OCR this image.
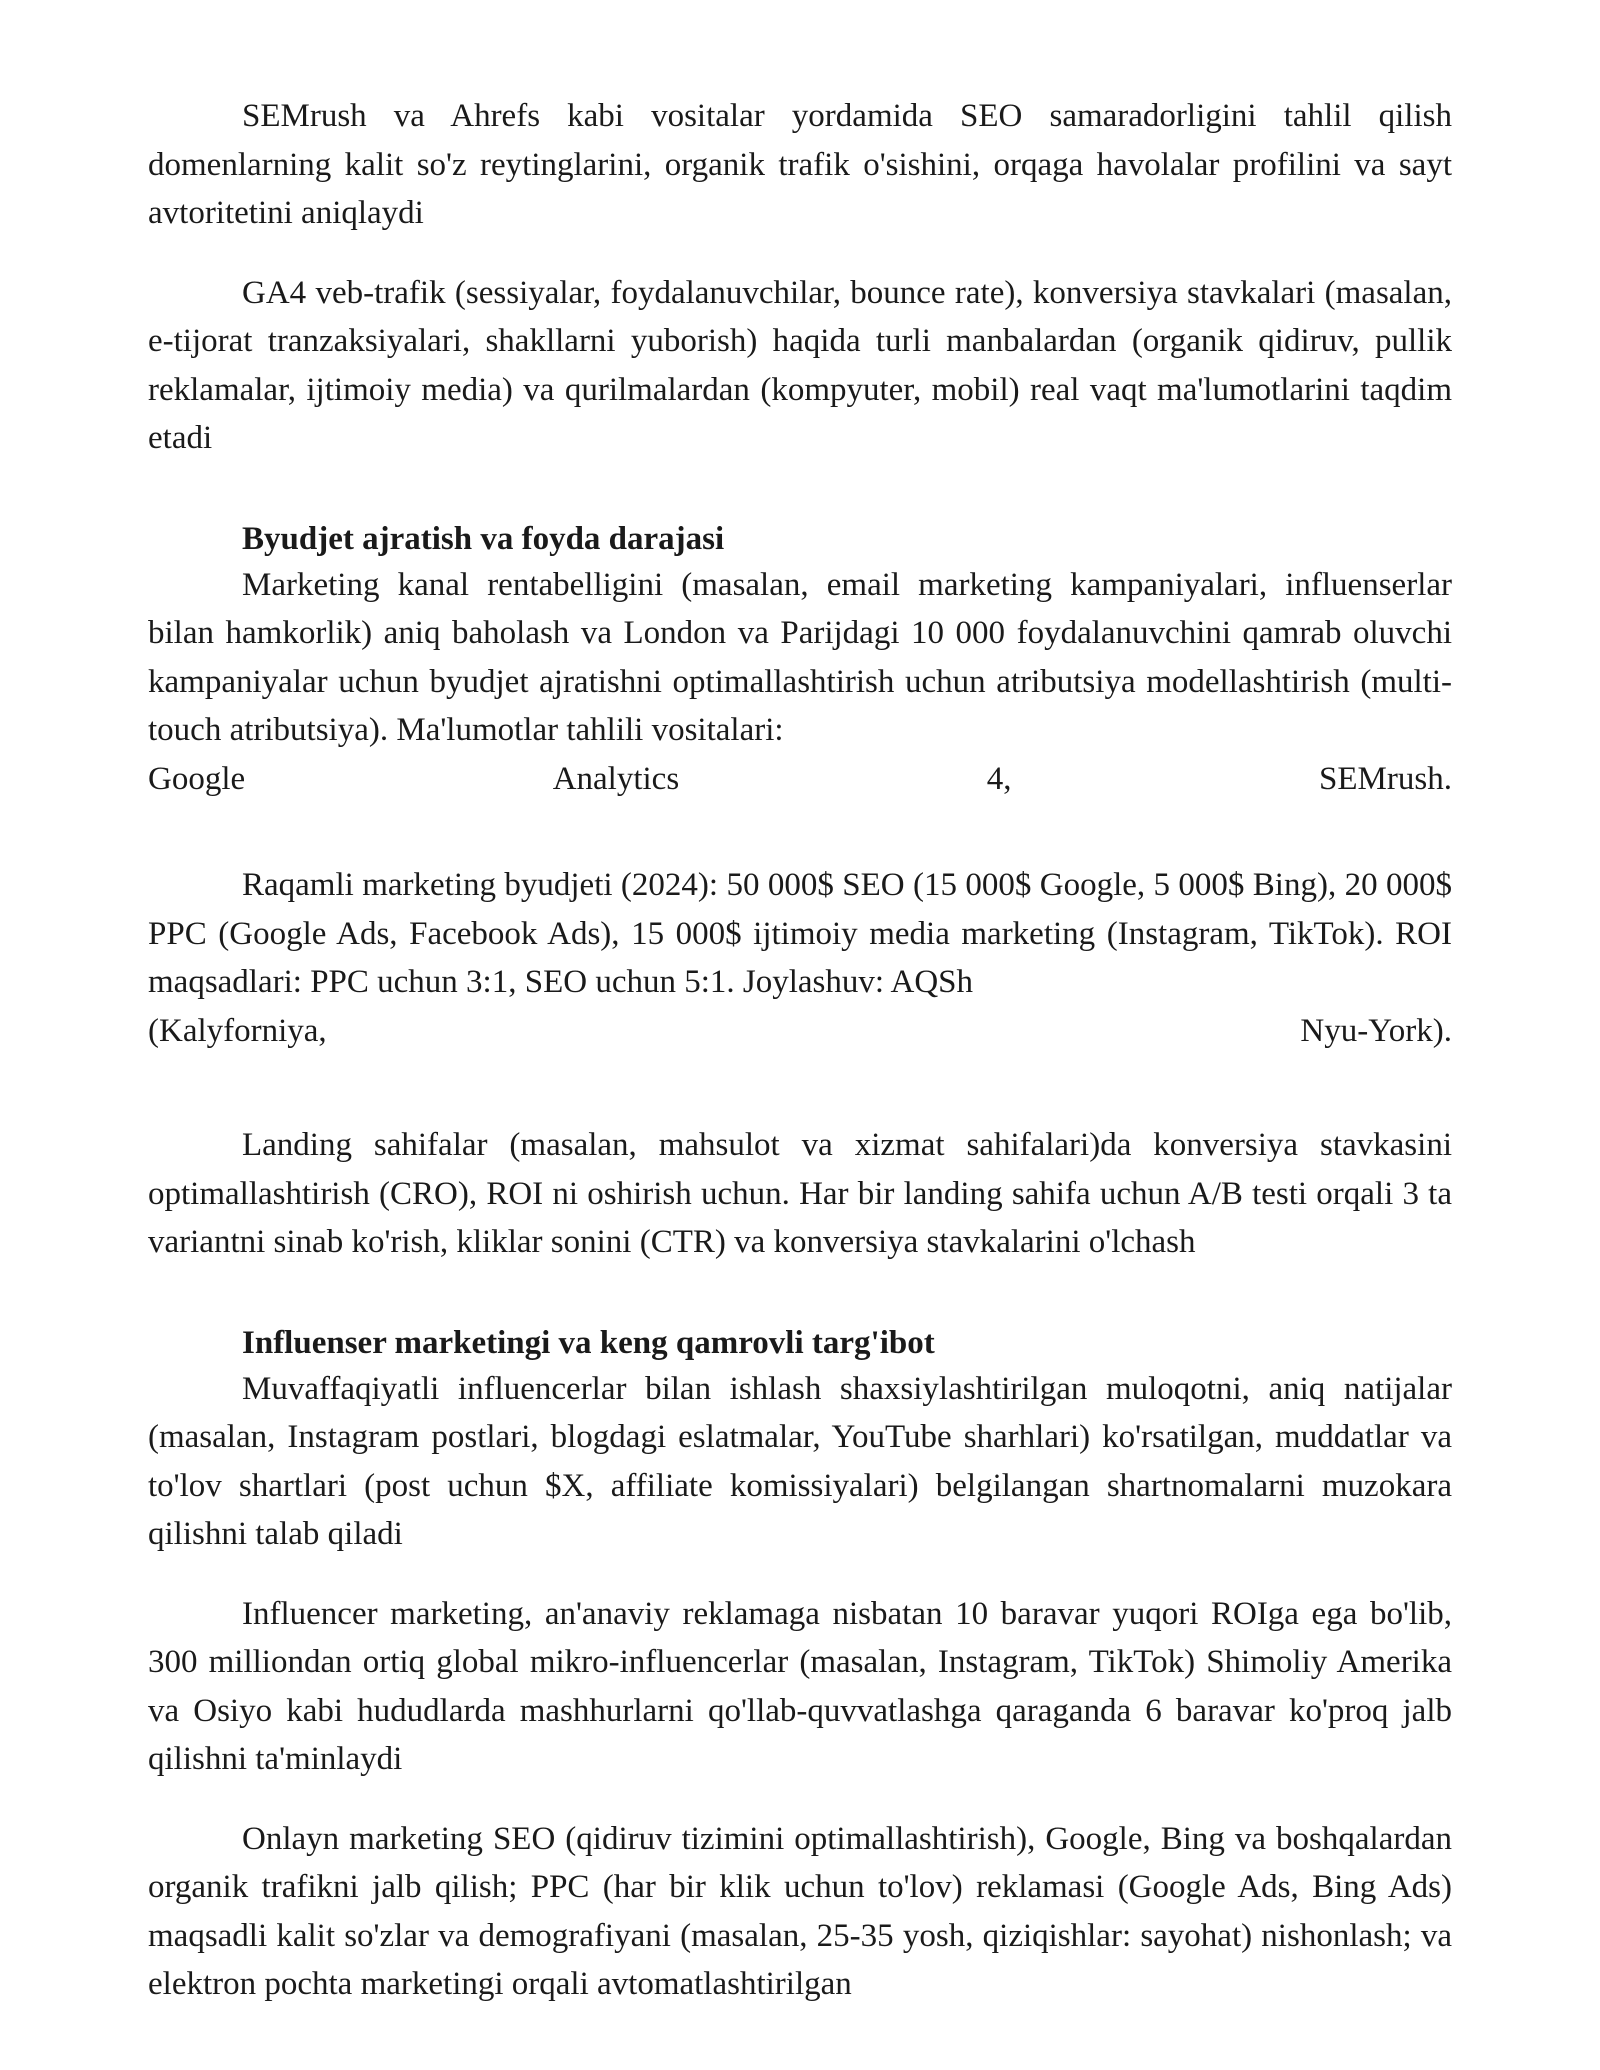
SEMrush va Ahrefs kabi vositalar yordamida SEO samaradorligini tahlil qilish domenlarning kalit so'z reytinglarini, organik trafik o'sishini, orqaga havolalar profilini va sayt avtoritetini aniqlaydi

GA4 veb-trafik (sessiyalar, foydalanuvchilar, bounce rate), konversiya stavkalari (masalan, e-tijorat tranzaksiyalari, shakllarni yuborish) haqida turli manbalardan (organik qidiruv, pullik reklamalar, ijtimoiy media) va qurilmalardan (kompyuter, mobil) real vaqt ma'lumotlarini taqdim etadi

Byudjet ajratish va foyda darajasi

Marketing kanal rentabelligini (masalan, email marketing kampaniyalari, influenserlar bilan hamkorlik) aniq baholash va London va Parijdagi 10 000 foydalanuvchini qamrab oluvchi kampaniyalar uchun byudjet ajratishni optimallashtirish uchun atributsiya modellashtirish (multi-touch atributsiya). Ma'lumotlar tahlili vositalari:

Google	Analytics	4,	SEMrush.

Raqamli marketing byudjeti (2024): 50 000$ SEO (15 000$ Google, 5 000$ Bing), 20 000$ PPC (Google Ads, Facebook Ads), 15 000$ ijtimoiy media marketing (Instagram, TikTok). ROI maqsadlari: PPC uchun 3:1, SEO uchun 5:1. Joylashuv: AQSh

(Kalyforniya,	Nyu-York).

Landing sahifalar (masalan, mahsulot va xizmat sahifalari)da konversiya stavkasini optimallashtirish (CRO), ROI ni oshirish uchun. Har bir landing sahifa uchun A/B testi orqali 3 ta variantni sinab ko'rish, kliklar sonini (CTR) va konversiya stavkalarini o'lchash

Influenser marketingi va keng qamrovli targ'ibot

Muvaffaqiyatli influencerlar bilan ishlash shaxsiylashtirilgan muloqotni, aniq natijalar (masalan, Instagram postlari, blogdagi eslatmalar, YouTube sharhlari) ko'rsatilgan, muddatlar va to'lov shartlari (post uchun $X, affiliate komissiyalari) belgilangan shartnomalarni muzokara qilishni talab qiladi

Influencer marketing, an'anaviy reklamaga nisbatan 10 baravar yuqori ROIga ega bo'lib, 300 milliondan ortiq global mikro-influencerlar (masalan, Instagram, TikTok) Shimoliy Amerika va Osiyo kabi hududlarda mashhurlarni qo'llab-quvvatlashga qaraganda 6 baravar ko'proq jalb qilishni ta'minlaydi

Onlayn marketing SEO (qidiruv tizimini optimallashtirish), Google, Bing va boshqalardan organik trafikni jalb qilish; PPC (har bir klik uchun to'lov) reklamasi (Google Ads, Bing Ads) maqsadli kalit so'zlar va demografiyani (masalan, 25-35 yosh, qiziqishlar: sayohat) nishonlash; va elektron pochta marketingi orqali avtomatlashtirilgan
